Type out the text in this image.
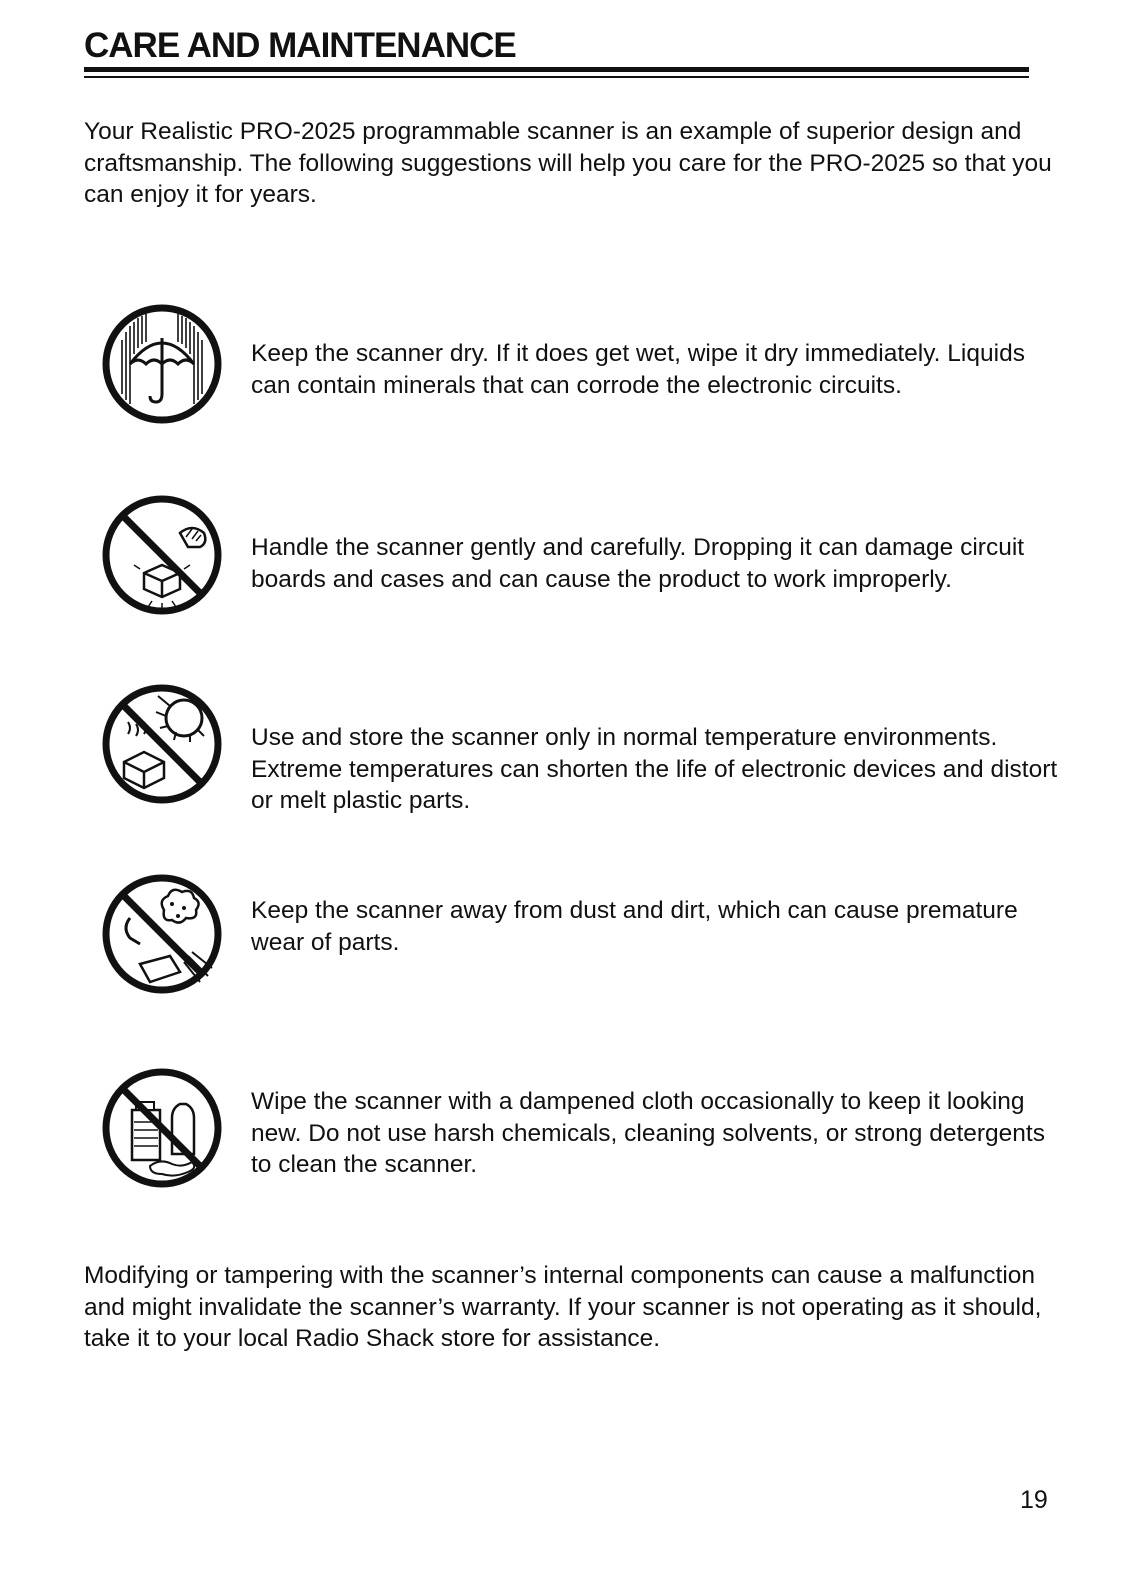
CARE AND MAINTENANCE

Your Realistic PRO-2025 programmable scanner is an example of superior design and craftsmanship. The following suggestions will help you care for the PRO-2025 so that you can enjoy it for years.

Keep the scanner dry. If it does get wet, wipe it dry immediately. Liquids can contain minerals that can corrode the electronic circuits.

Handle the scanner gently and carefully. Dropping it can damage circuit boards and cases and can cause the product to work improperly.

Use and store the scanner only in normal temperature environments. Extreme temperatures can shorten the life of electronic devices and distort or melt plastic parts.

Keep the scanner away from dust and dirt, which can cause premature wear of parts.

Wipe the scanner with a dampened cloth occasionally to keep it looking new. Do not use harsh chemicals, cleaning solvents, or strong detergents to clean the scanner.

Modifying or tampering with the scanner’s internal components can cause a malfunction and might invalidate the scanner’s warranty. If your scanner is not operating as it should, take it to your local Radio Shack store for assistance.

19
